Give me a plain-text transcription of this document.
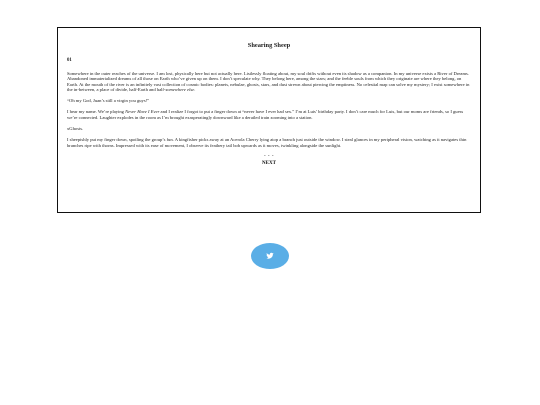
Shearing Sheep
01

Somewhere in the outer reaches of the universe. I am lost, physically here but not actually here. Listlessly floating about, my soul drifts without even its shadow as a companion. In my universe exists a River of Dreams. Abandoned immaterialized dreams of all those on Earth who’ve given up on them. I don’t speculate why. They belong here, among the stars; and the feeble souls from which they originate are where they belong, on Earth. At the mouth of the river is an infinitely vast collection of cosmic bodies: planets, nebulae, ghosts, stars, and dust strewn about piercing the emptiness. No celestial map can solve my mystery; I exist somewhere in the in-between, a place of divide, half-Earth and half-somewhere else.

“Oh my God, Juan’s still a virgin you guys!”

I hear my name. We’re playing Never Have I Ever and I realize I forgot to put a finger down at “never have I ever had sex.” I’m at Luis’ birthday party. I don’t care much for Luis, but our moms are friends, so I guess we’re connected. Laughter explodes in the room as I’m brought exasperatingly downward like a derailed train zooming into a station.

xGhosts.

I sheepishly put my finger down, spoiling the group’s fun. A kingfisher picks away at an Acerola Cherry lying atop a branch just outside the window. I steal glances in my peripheral vision, watching as it navigates thin branches ripe with thorns. Impressed with its ease of movement, I observe its feathery tail bob upwards as it moves, twinkling alongside the sunlight.

- - -
NEXT
